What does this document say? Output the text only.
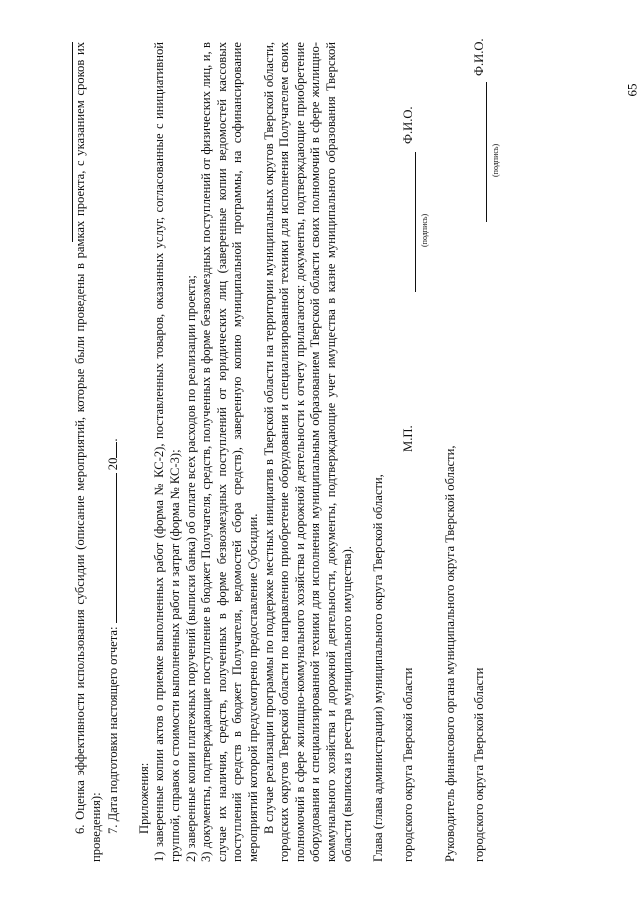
65

6. Оценка эффективности использования субсидии (описание мероприятий, которые были проведены в рамках проекта, с указанием сроков их проведения): 7. Дата подготовки настоящего отчета:  20.

Приложения: 1) заверенные копии актов о приемке выполненных работ (форма № КС-2), поставленных товаров, оказанных услуг, согласованные с инициативной группой, справок о стоимости выполненных работ и затрат (форма № КС-3); 2) заверенные копии платежных поручений (выписки банка) об оплате всех расходов по реализации проекта; 3) документы, подтверждающие поступление в бюджет Получателя, средств, полученных в форме безвозмездных поступлений от физических лиц, и, в случае их наличия, средств, полученных в форме безвозмездных поступлений от юридических лиц (заверенные копии ведомостей кассовых поступлений средств в бюджет Получателя, ведомостей сбора средств), заверенную копию муниципальной программы, на софинансирование мероприятий которой предусмотрено предоставление Субсидии. В случае реализации программы по поддержке местных инициатив в Тверской области на территории муниципальных округов Тверской области, городских округов Тверской области по направлению приобретение оборудования и специализированной техники для исполнения Получателем своих полномочий в сфере жилищно-коммунального хозяйства и дорожной деятельности к отчету прилагаются: документы, подтверждающие приобретение оборудования и специализированной техники для исполнения муниципальным образованием Тверской области своих полномочий в сфере жилищно-коммунального хозяйства и дорожной деятельности, документы, подтверждающие учет имущества в казне муниципального образования Тверской области (выписка из реестра муниципального имущества). Глава (глава администрации) муниципального округа Тверской области, городского округа Тверской области
М.П.
(подпись)
Ф.И.О.

Руководитель финансового органа муниципального округа Тверской области, городского округа Тверской области
(подпись)
Ф.И.О.
